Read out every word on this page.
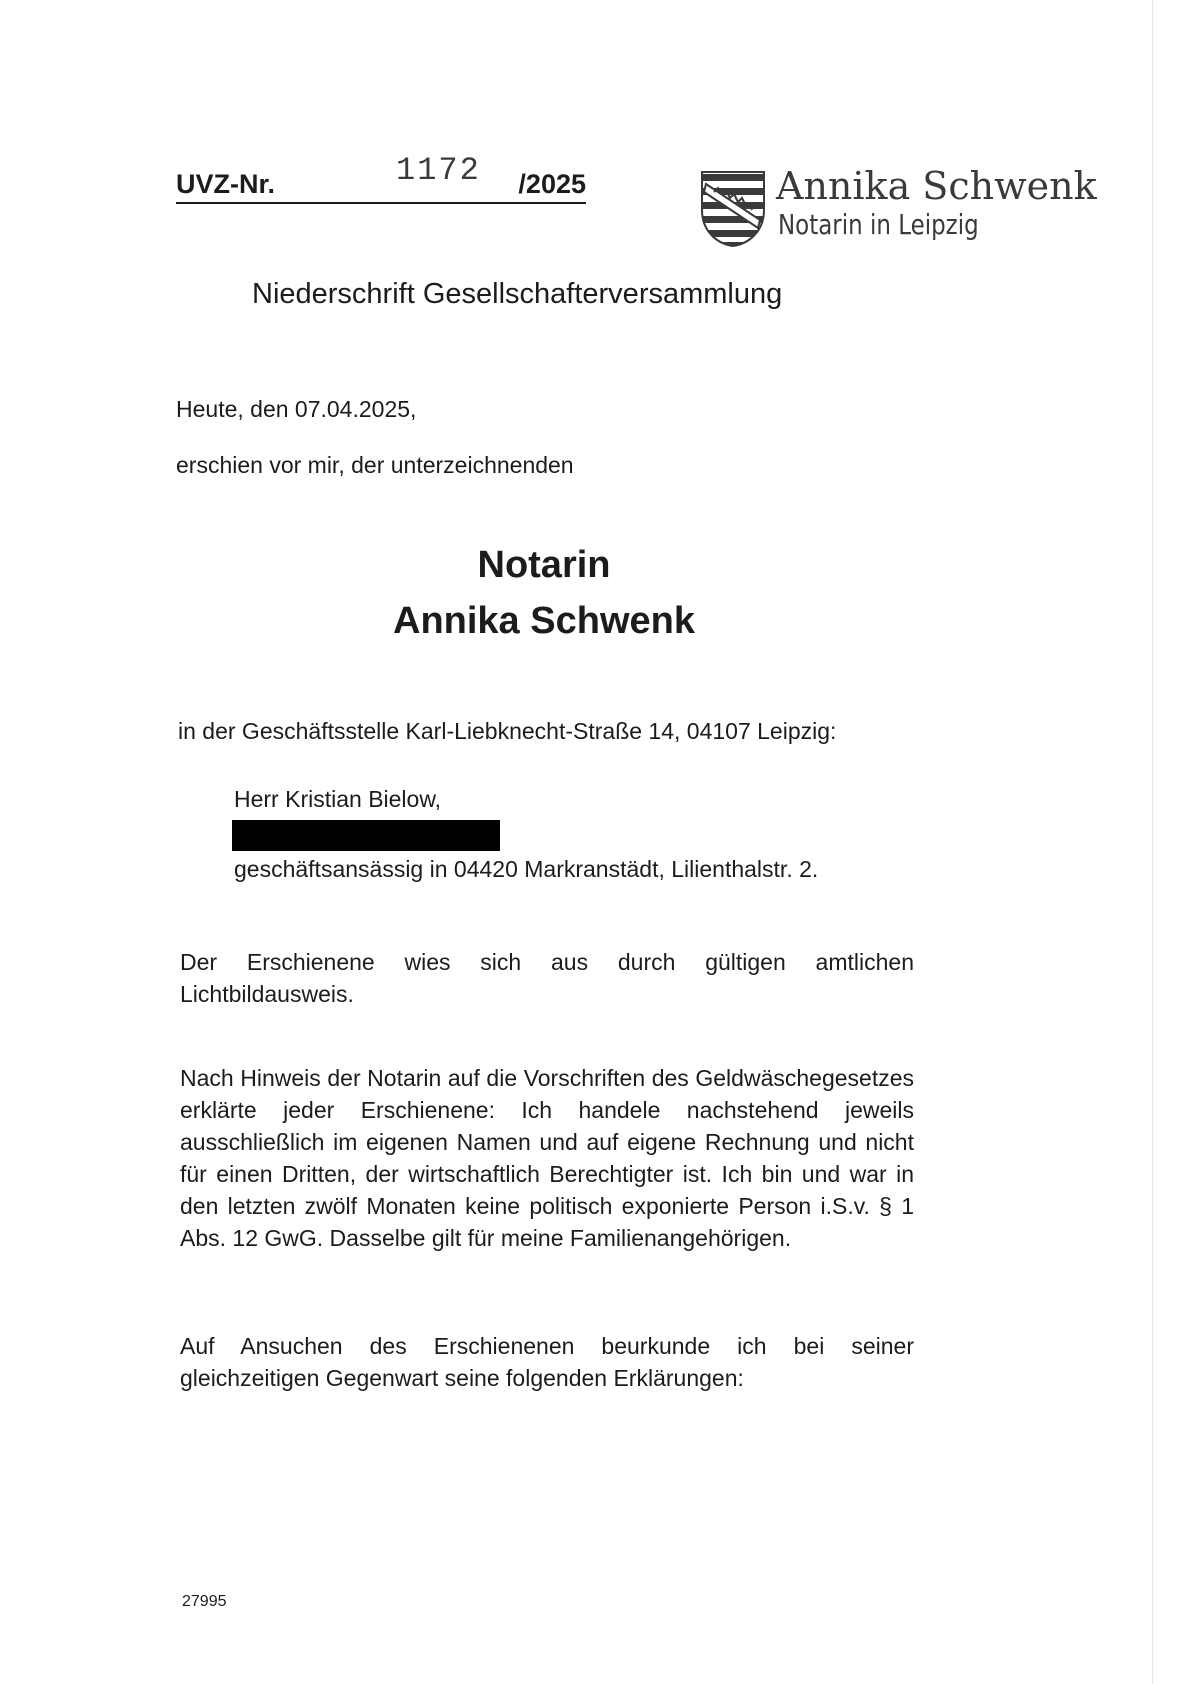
UVZ-Nr.	1172 /2025	Annika Schwenk
Notarin in Leipzig
Niederschrift Gesellschafterversammlung
Heute, den 07.04.2025,
erschien vor mir, der unterzeichnenden
Notarin
Annika Schwenk
in der Geschäftsstelle Karl-Liebknecht-Straße 14, 04107 Leipzig:
Herr Kristian Bielow,
geschäftsansässig in 04420 Markranstädt, Lilienthalstr. 2.

Der Erschienene wies sich aus durch gültigen amtlichen Lichtbildausweis.

Nach Hinweis der Notarin auf die Vorschriften des Geldwäschegesetzes erklärte jeder Erschienene: Ich handele nachstehend jeweils ausschließlich im eigenen Namen und auf eigene Rechnung und nicht für einen Dritten, der wirtschaftlich Berechtigter ist. Ich bin und war in den letzten zwölf Monaten keine politisch exponierte Person i.S.v. § 1 Abs. 12 GwG. Dasselbe gilt für meine Familienangehörigen.

Auf Ansuchen des Erschienenen beurkunde ich bei seiner gleichzeitigen Gegenwart seine folgenden Erklärungen:

27995
